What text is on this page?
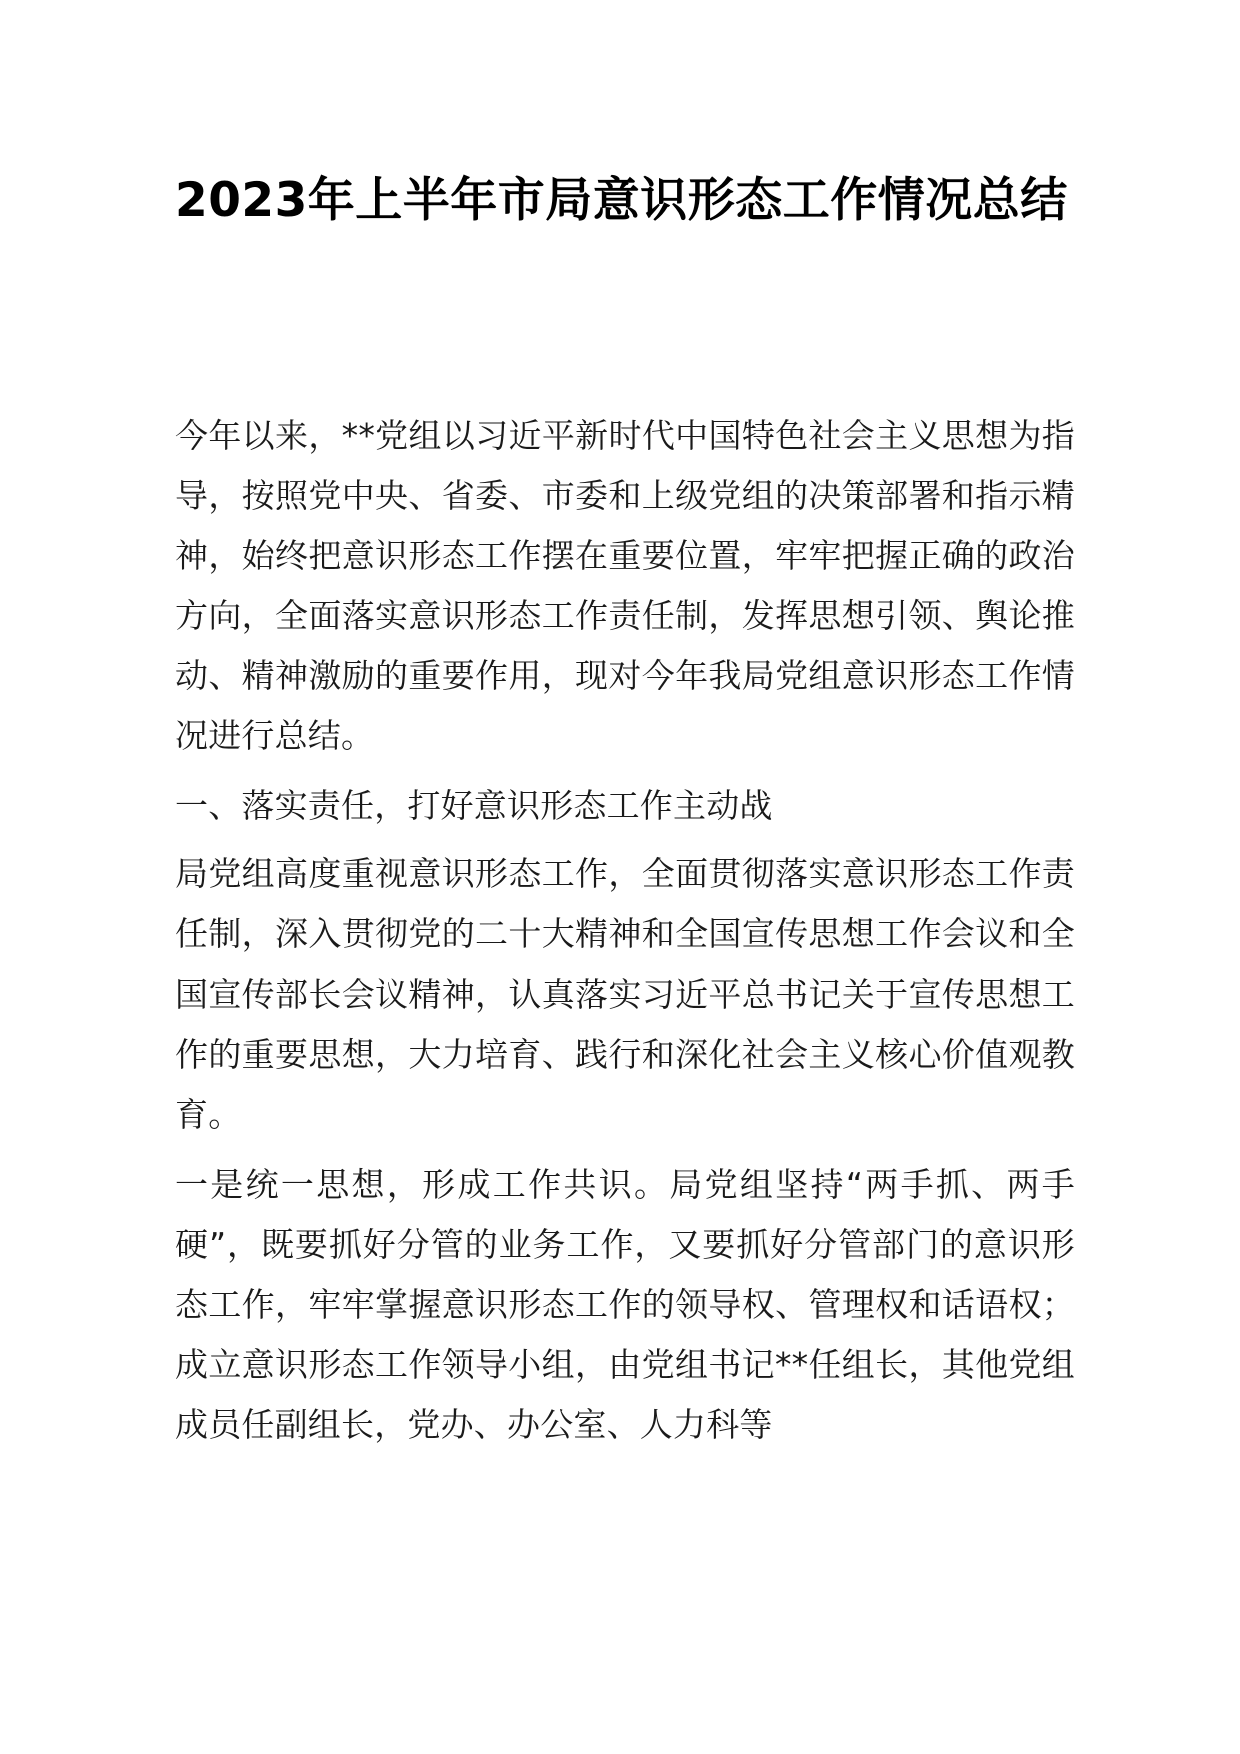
2023年上半年市局意识形态工作情况总结

今年以来，**党组以习近平新时代中国特色社会主义思想为指导，按照党中央、省委、市委和上级党组的决策部署和指示精神，始终把意识形态工作摆在重要位置，牢牢把握正确的政治方向，全面落实意识形态工作责任制，发挥思想引领、舆论推动、精神激励的重要作用，现对今年我局党组意识形态工作情况进行总结。

一、落实责任，打好意识形态工作主动战

局党组高度重视意识形态工作，全面贯彻落实意识形态工作责任制，深入贯彻党的二十大精神和全国宣传思想工作会议和全国宣传部长会议精神，认真落实习近平总书记关于宣传思想工作的重要思想，大力培育、践行和深化社会主义核心价值观教育。

一是统一思想，形成工作共识。局党组坚持“两手抓、两手硬”，既要抓好分管的业务工作，又要抓好分管部门的意识形态工作，牢牢掌握意识形态工作的领导权、管理权和话语权；成立意识形态工作领导小组，由党组书记**任组长，其他党组成员任副组长，党办、办公室、人力科等
